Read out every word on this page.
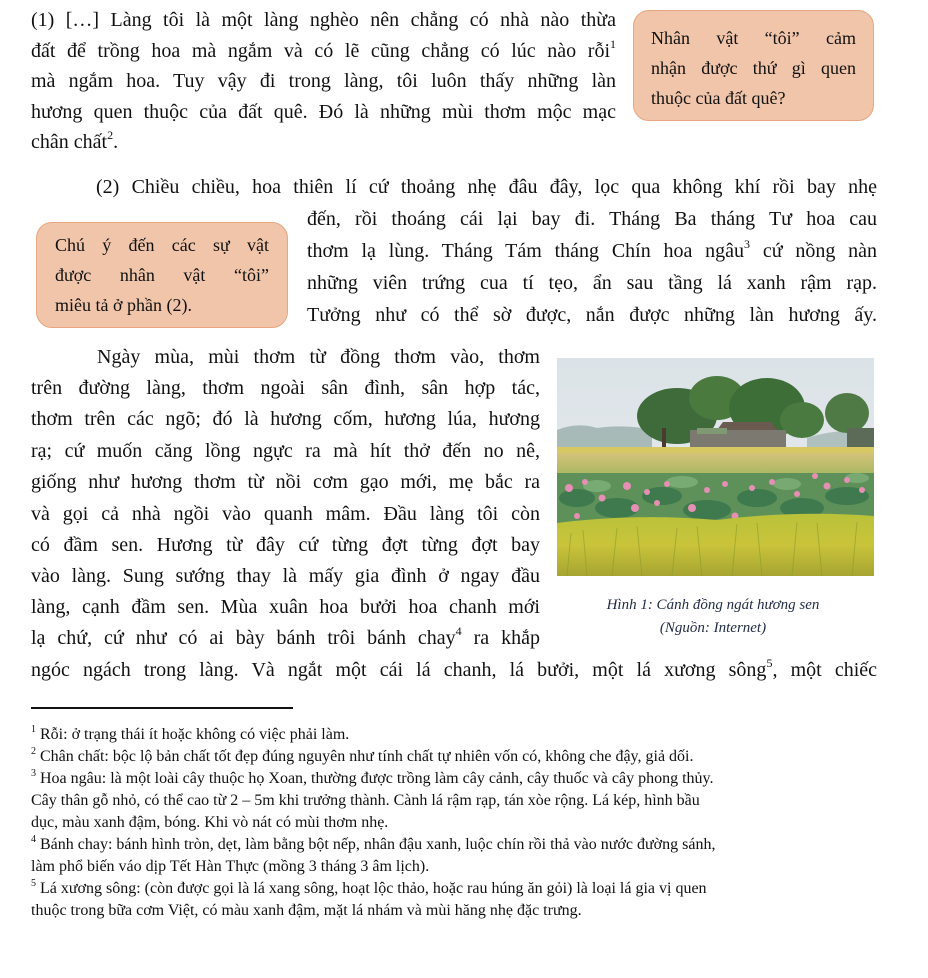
(1) […] Làng tôi là một làng nghèo nên chẳng có nhà nào thừa
đất để trồng hoa mà ngắm và có lẽ cũng chẳng có lúc nào rỗi$^1$
mà ngắm hoa. Tuy vậy đi trong làng, tôi luôn thấy những làn
hương quen thuộc của đất quê. Đó là những mùi thơm mộc mạc
chân chất$^2$.
Nhân vật “tôi” cảm
nhận được thứ gì quen
thuộc của đất quê?
(2) Chiều chiều, hoa thiên lí cứ thoảng nhẹ đâu đây, lọc qua không khí rồi bay nhẹ
đến, rồi thoáng cái lại bay đi. Tháng Ba tháng Tư hoa cau
thơm lạ lùng. Tháng Tám tháng Chín hoa ngâu$^3$ cứ nồng nàn
những viên trứng cua tí tẹo, ẩn sau tầng lá xanh rậm rạp.
Tưởng như có thể sờ được, nắn được những làn hương ấy.
Chú ý đến các sự vật
được nhân vật “tôi”
miêu tả ở phần (2).
Ngày mùa, mùi thơm từ đồng thơm vào, thơm
trên đường làng, thơm ngoài sân đình, sân hợp tác,
thơm trên các ngõ; đó là hương cốm, hương lúa, hương
rạ; cứ muốn căng lồng ngực ra mà hít thở đến no nê,
giống như hương thơm từ nồi cơm gạo mới, mẹ bắc ra
và gọi cả nhà ngồi vào quanh mâm. Đầu làng tôi còn
có đầm sen. Hương từ đây cứ từng đợt từng đợt bay
vào làng. Sung sướng thay là mấy gia đình ở ngay đầu
làng, cạnh đầm sen. Mùa xuân hoa bưởi hoa chanh mới
lạ chứ, cứ như có ai bày bánh trôi bánh chay$^4$ ra khắp
ngóc ngách trong làng. Và ngắt một cái lá chanh, lá bưởi, một lá xương sông$^5$, một chiếc
Hình 1: Cánh đồng ngát hương sen
(Nguồn: Internet)
$^1$ Rỗi: ở trạng thái ít hoặc không có việc phải làm.
$^2$ Chân chất: bộc lộ bản chất tốt đẹp đúng nguyên như tính chất tự nhiên vốn có, không che đậy, giả dối.
$^3$ Hoa ngâu: là một loài cây thuộc họ Xoan, thường được trồng làm cây cảnh, cây thuốc và cây phong thủy.
Cây thân gỗ nhỏ, có thể cao từ 2 – 5m khi trưởng thành. Cành lá rậm rạp, tán xòe rộng. Lá kép, hình bầu
dục, màu xanh đậm, bóng. Khi vò nát có mùi thơm nhẹ.
$^4$ Bánh chay: bánh hình tròn, dẹt, làm bằng bột nếp, nhân đậu xanh, luộc chín rồi thả vào nước đường sánh,
làm phổ biến váo dịp Tết Hàn Thực (mồng 3 tháng 3 âm lịch).
$^5$ Lá xương sông: (còn được gọi là lá xang sông, hoạt lộc thảo, hoặc rau húng ăn gỏi) là loại lá gia vị quen
thuộc trong bữa cơm Việt, có màu xanh đậm, mặt lá nhám và mùi hăng nhẹ đặc trưng.
